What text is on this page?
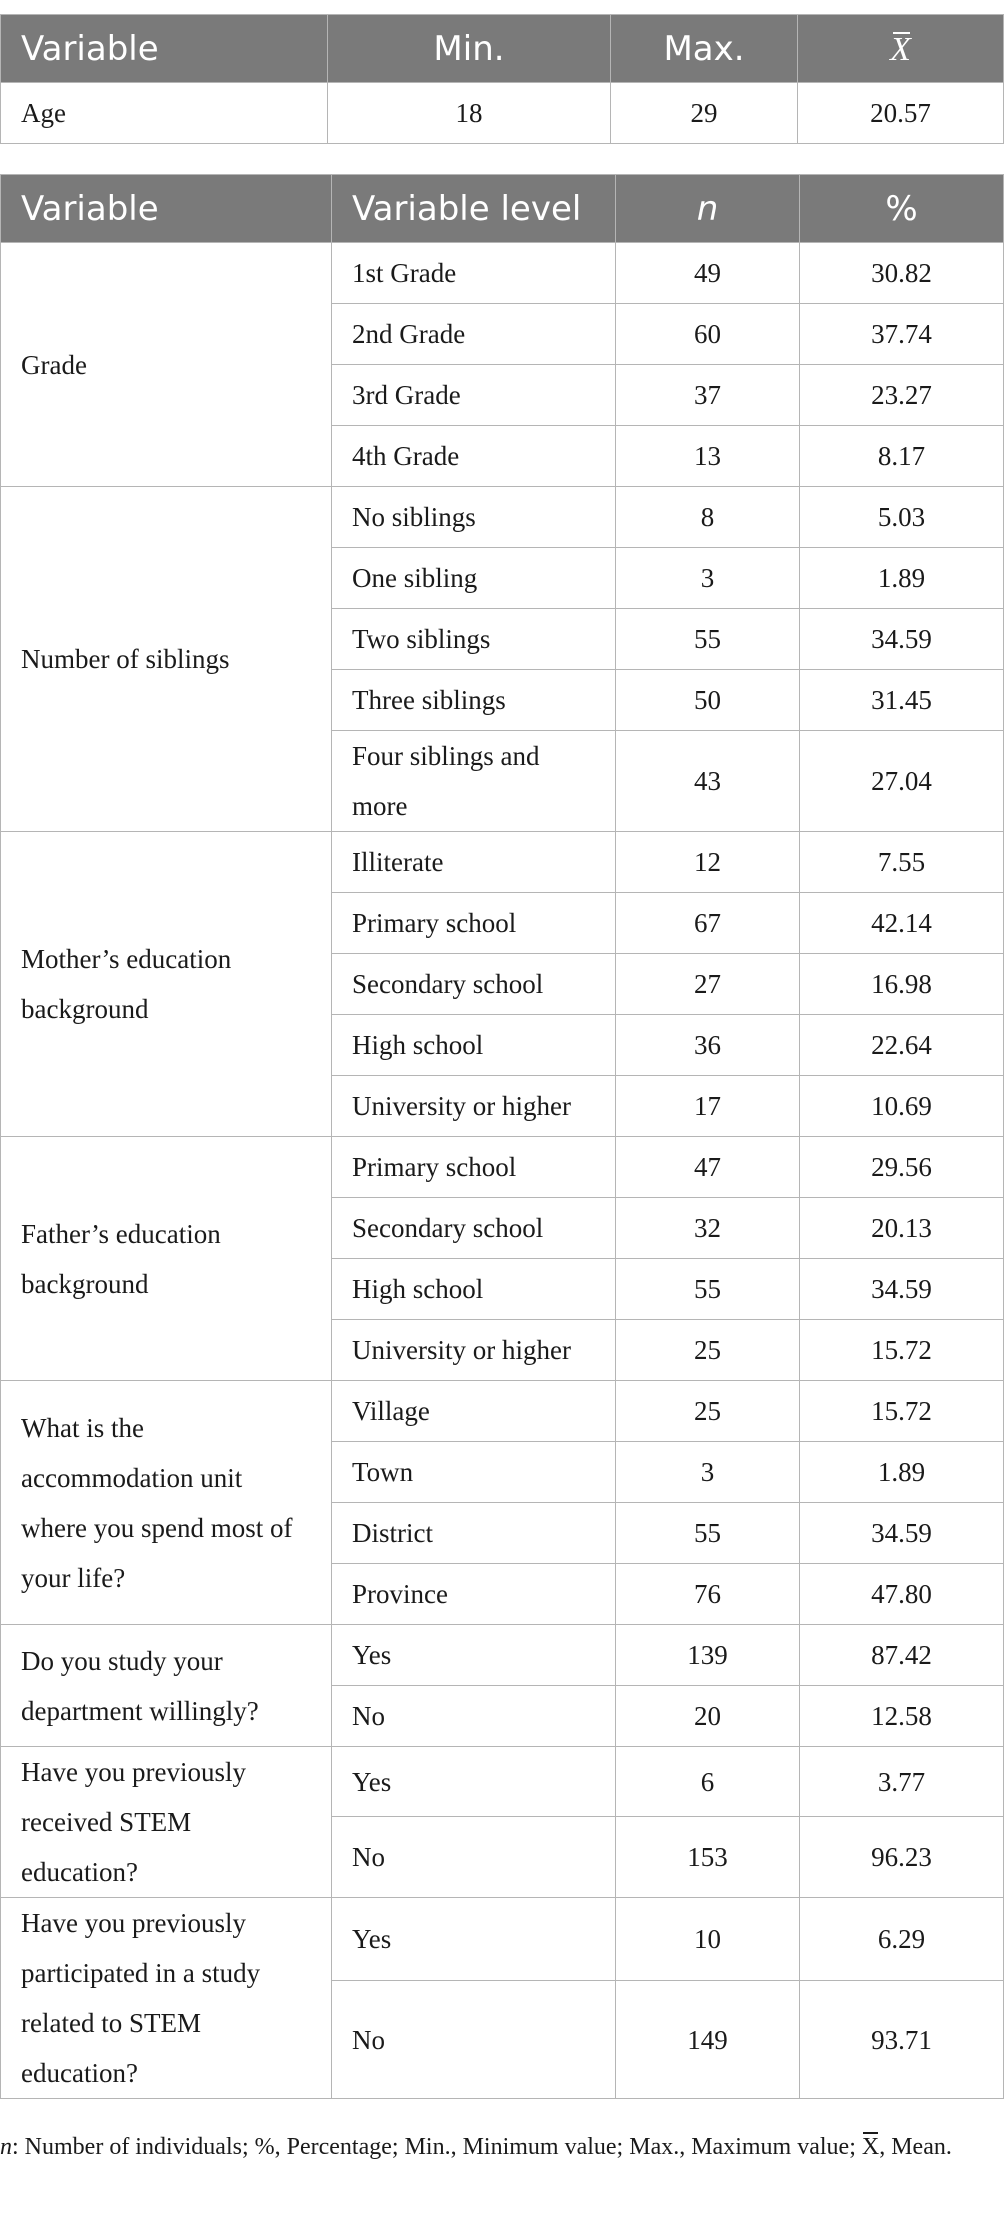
Variable	Min.	Max.	X
Age	18	29	20.57
Variable	Variable level	n	%
Grade	1st Grade	49	30.82
	2nd Grade	60	37.74
	3rd Grade	37	23.27
	4th Grade	13	8.17
Number of siblings	No siblings	8	5.03
	One sibling	3	1.89
	Two siblings	55	34.59
	Three siblings	50	31.45
	Four siblings and more	43	27.04
Mother’s education background	Illiterate	12	7.55
	Primary school	67	42.14
	Secondary school	27	16.98
	High school	36	22.64
	University or higher	17	10.69
Father’s education background	Primary school	47	29.56
	Secondary school	32	20.13
	High school	55	34.59
	University or higher	25	15.72
What is the accommodation unit where you spend most of your life?	Village	25	15.72
	Town	3	1.89
	District	55	34.59
	Province	76	47.80
Do you study your department willingly?	Yes	139	87.42
	No	20	12.58
Have you previously received STEM education?	Yes	6	3.77
	No	153	96.23
Have you previously participated in a study related to STEM education?	Yes	10	6.29
	No	149	93.71
n: Number of individuals; %, Percentage; Min., Minimum value; Max., Maximum value; X, Mean.
